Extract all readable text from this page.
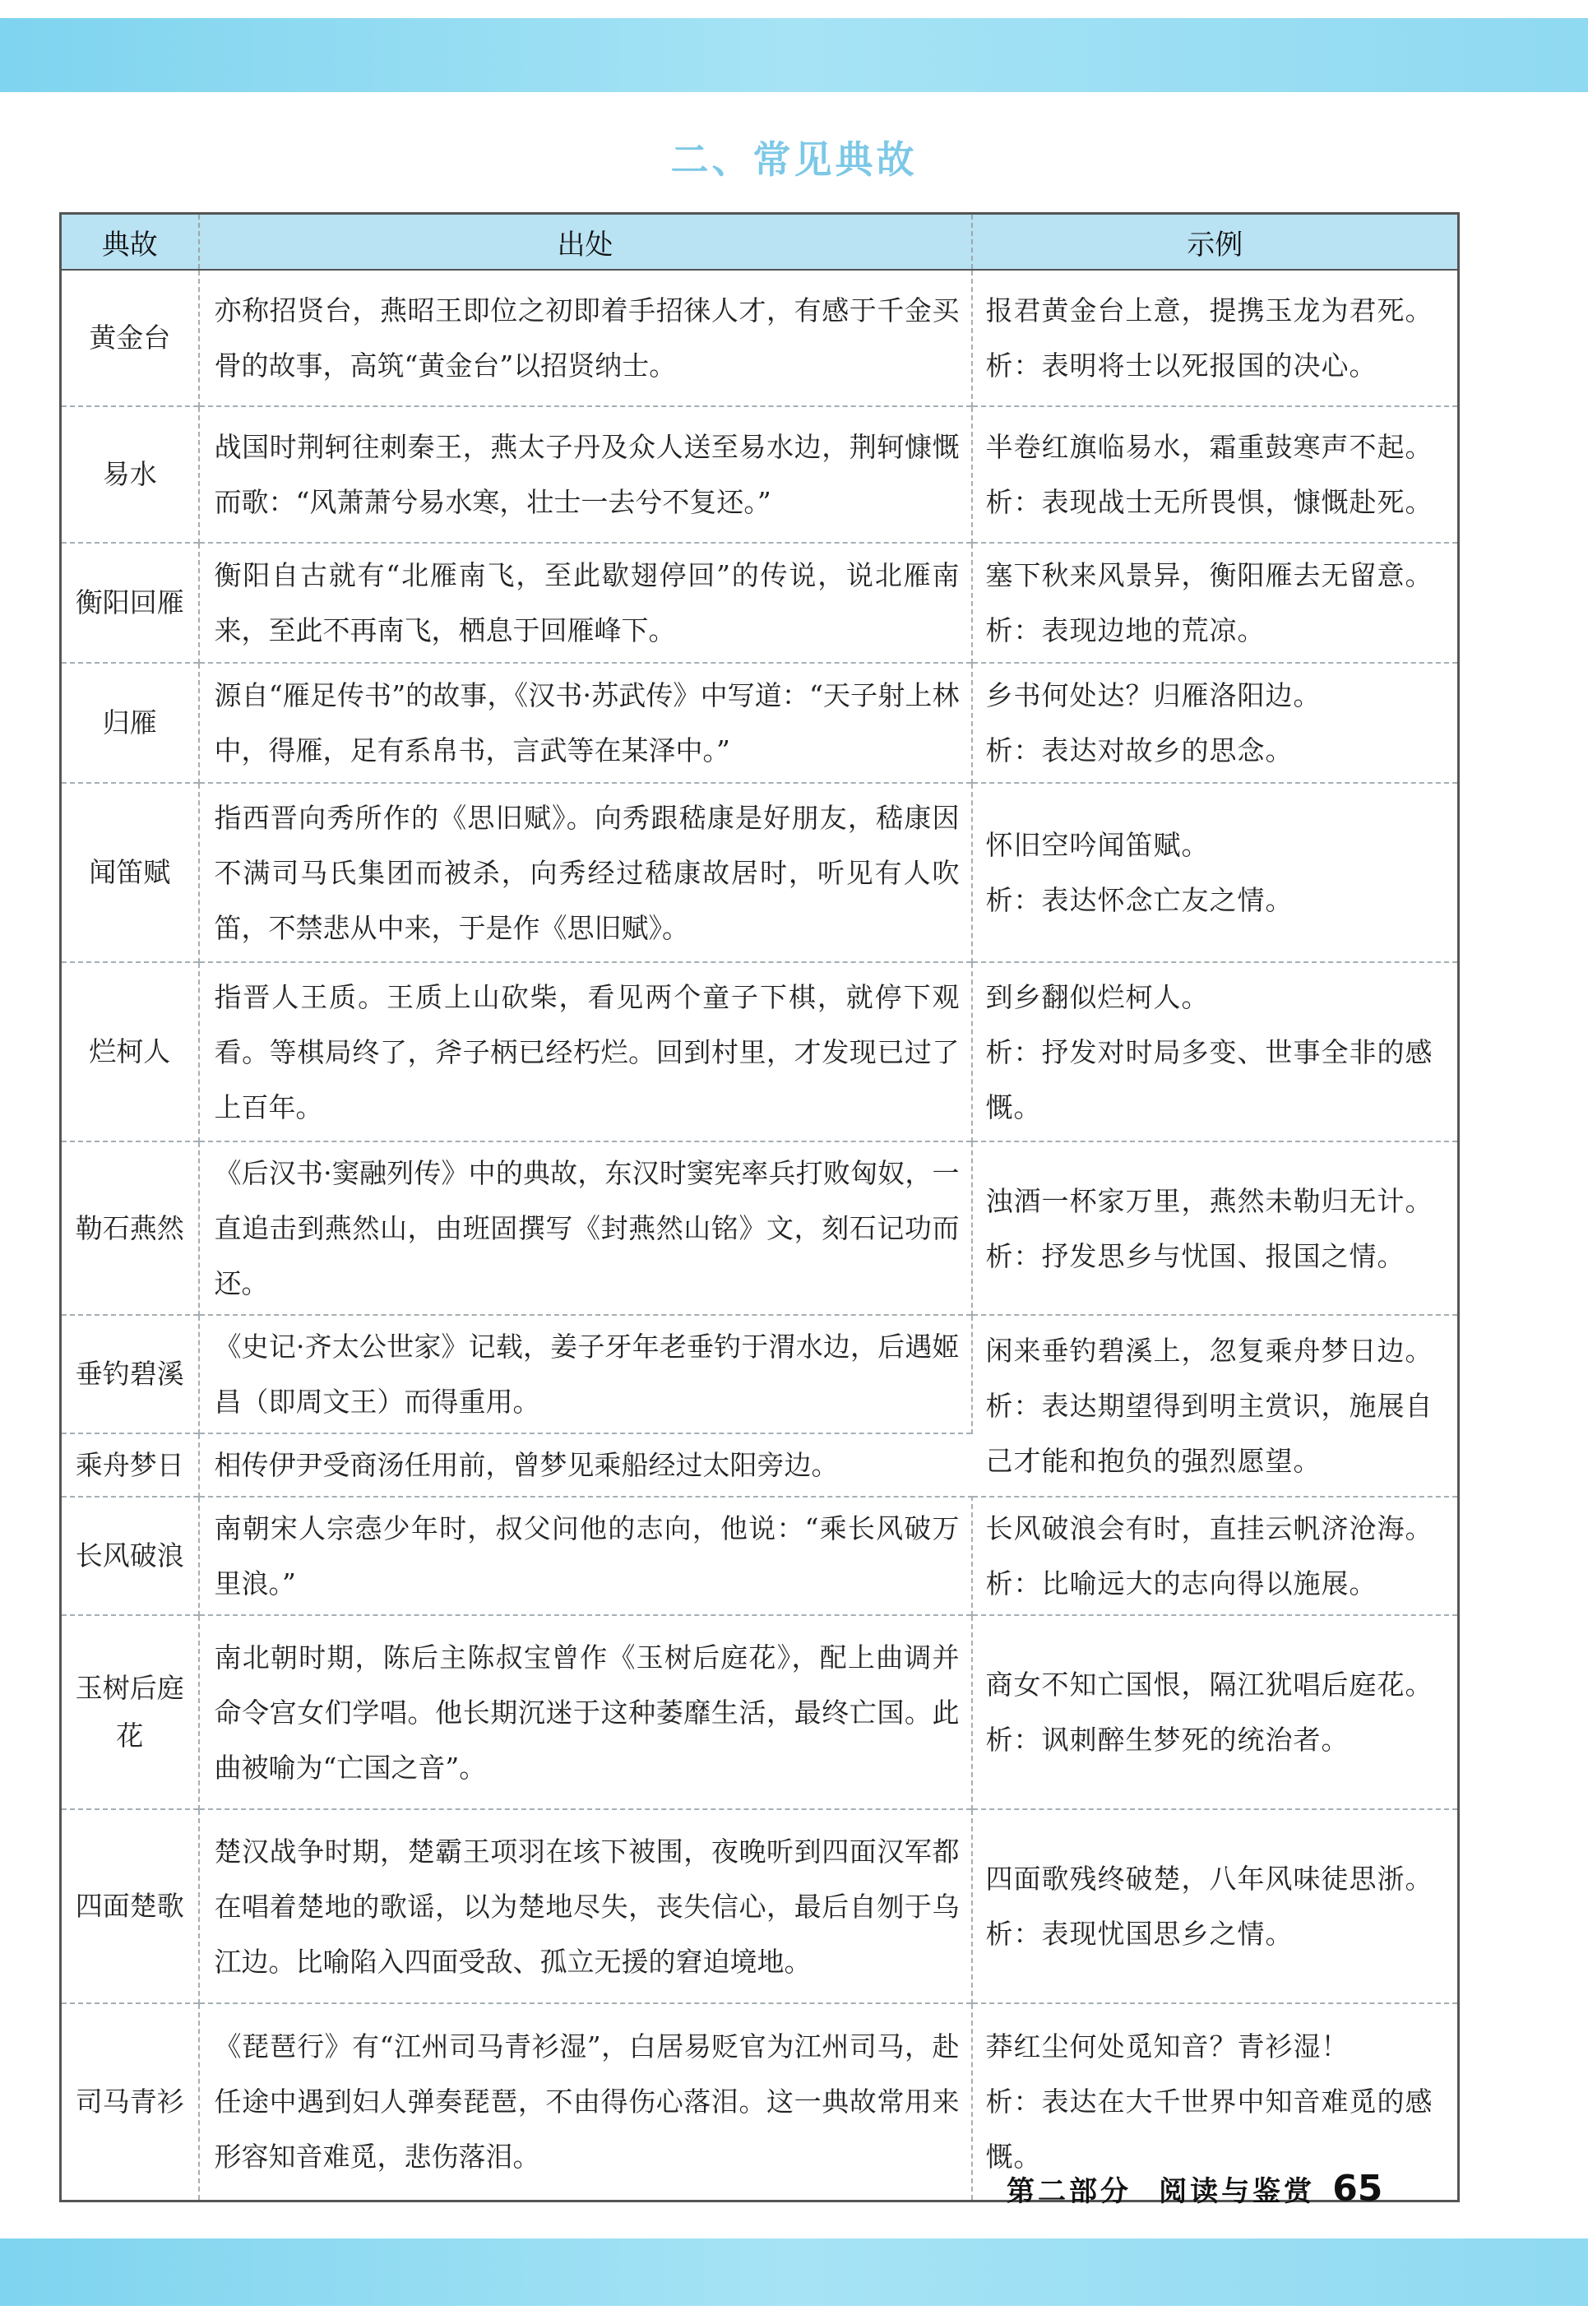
二、常见典故
典故	出处	示例
黄金台	亦称招贤台，燕昭王即位之初即着手招徕人才，有感于千金买骨的故事，高筑“黄金台”以招贤纳士。	报君黄金台上意，提携玉龙为君死。
析：表明将士以死报国的决心。

易水	战国时荆轲往刺秦王，燕太子丹及众人送至易水边，荆轲慷慨而歌：“风萧萧兮易水寒，壮士一去兮不复还。”	半卷红旗临易水，霜重鼓寒声不起。
析：表现战士无所畏惧，慷慨赴死。

衡阳回雁	衡阳自古就有“北雁南飞，至此歇翅停回”的传说，说北雁南来，至此不再南飞，栖息于回雁峰下。	塞下秋来风景异，衡阳雁去无留意。
析：表现边地的荒凉。

归雁	源自“雁足传书”的故事，《汉书·苏武传》中写道：“天子射上林中，得雁，足有系帛书，言武等在某泽中。”	乡书何处达？归雁洛阳边。
析：表达对故乡的思念。

闻笛赋	指西晋向秀所作的《思旧赋》。向秀跟嵇康是好朋友，嵇康因不满司马氏集团而被杀，向秀经过嵇康故居时，听见有人吹笛，不禁悲从中来，于是作《思旧赋》。	怀旧空吟闻笛赋。
析：表达怀念亡友之情。

烂柯人	指晋人王质。王质上山砍柴，看见两个童子下棋，就停下观看。等棋局终了，斧子柄已经朽烂。回到村里，才发现已过了上百年。	到乡翻似烂柯人。
析：抒发对时局多变、世事全非的感慨。

勒石燕然	《后汉书·窦融列传》中的典故，东汉时窦宪率兵打败匈奴，一直追击到燕然山，由班固撰写《封燕然山铭》文，刻石记功而还。	浊酒一杯家万里，燕然未勒归无计。
析：抒发思乡与忧国、报国之情。

垂钓碧溪	《史记·齐太公世家》记载，姜子牙年老垂钓于渭水边，后遇姬昌（即周文王）而得重用。	闲来垂钓碧溪上，忽复乘舟梦日边。
析：表达期望得到明主赏识，施展自己才能和抱负的强烈愿望。

乘舟梦日	相传伊尹受商汤任用前，曾梦见乘船经过太阳旁边。	
长风破浪	南朝宋人宗悫少年时，叔父问他的志向，他说：“乘长风破万里浪。”	长风破浪会有时，直挂云帆济沧海。
析：比喻远大的志向得以施展。

玉树后庭花	南北朝时期，陈后主陈叔宝曾作《玉树后庭花》，配上曲调并命令宫女们学唱。他长期沉迷于这种萎靡生活，最终亡国。此曲被喻为“亡国之音”。	商女不知亡国恨，隔江犹唱后庭花。
析：讽刺醉生梦死的统治者。

四面楚歌	楚汉战争时期，楚霸王项羽在垓下被围，夜晚听到四面汉军都在唱着楚地的歌谣，以为楚地尽失，丧失信心，最后自刎于乌江边。比喻陷入四面受敌、孤立无援的窘迫境地。	四面歌残终破楚，八年风味徒思浙。
析：表现忧国思乡之情。

司马青衫	《琵琶行》有“江州司马青衫湿”，白居易贬官为江州司马，赴任途中遇到妇人弹奏琵琶，不由得伤心落泪。这一典故常用来形容知音难觅，悲伤落泪。	莽红尘何处觅知音？青衫湿！
析：表达在大千世界中知音难觅的感慨。
第二部分 阅读与鉴赏 65
